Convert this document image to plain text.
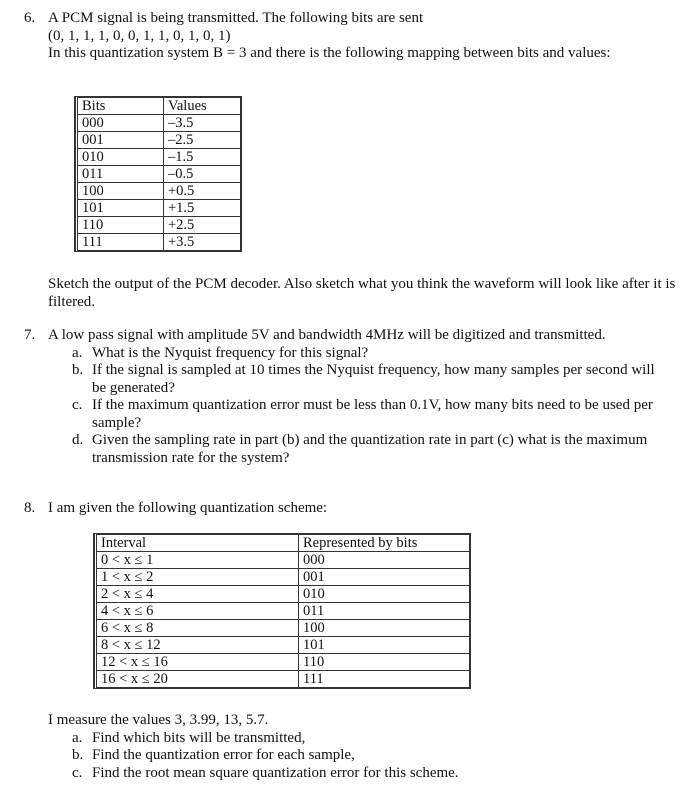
6. A PCM signal is being transmitted. The following bits are sent

(0, 1, 1, 1, 0, 0, 1, 1, 0, 1, 0, 1)

In this quantization system B = 3 and there is the following mapping between bits and values:

Bits	Values
000	–3.5
001	–2.5
010	–1.5
011	–0.5
100	+0.5
101	+1.5
110	+2.5
111	+3.5

Sketch the output of the PCM decoder. Also sketch what you think the waveform will look like after it is filtered.

7. A low pass signal with amplitude 5V and bandwidth 4MHz will be digitized and transmitted.

a. What is the Nyquist frequency for this signal?
b. If the signal is sampled at 10 times the Nyquist frequency, how many samples per second will be generated?
c. If the maximum quantization error must be less than 0.1V, how many bits need to be used per sample?
d. Given the sampling rate in part (b) and the quantization rate in part (c) what is the maximum transmission rate for the system?
8. I am given the following quantization scheme:

Interval	Represented by bits
0 < x ≤ 1	000
1 < x ≤ 2	001
2 < x ≤ 4	010
4 < x ≤ 6	011
6 < x ≤ 8	100
8 < x ≤ 12	101
12 < x ≤ 16	110
16 < x ≤ 20	111

I measure the values 3, 3.99, 13, 5.7.

a. Find which bits will be transmitted,
b. Find the quantization error for each sample,
c. Find the root mean square quantization error for this scheme.
